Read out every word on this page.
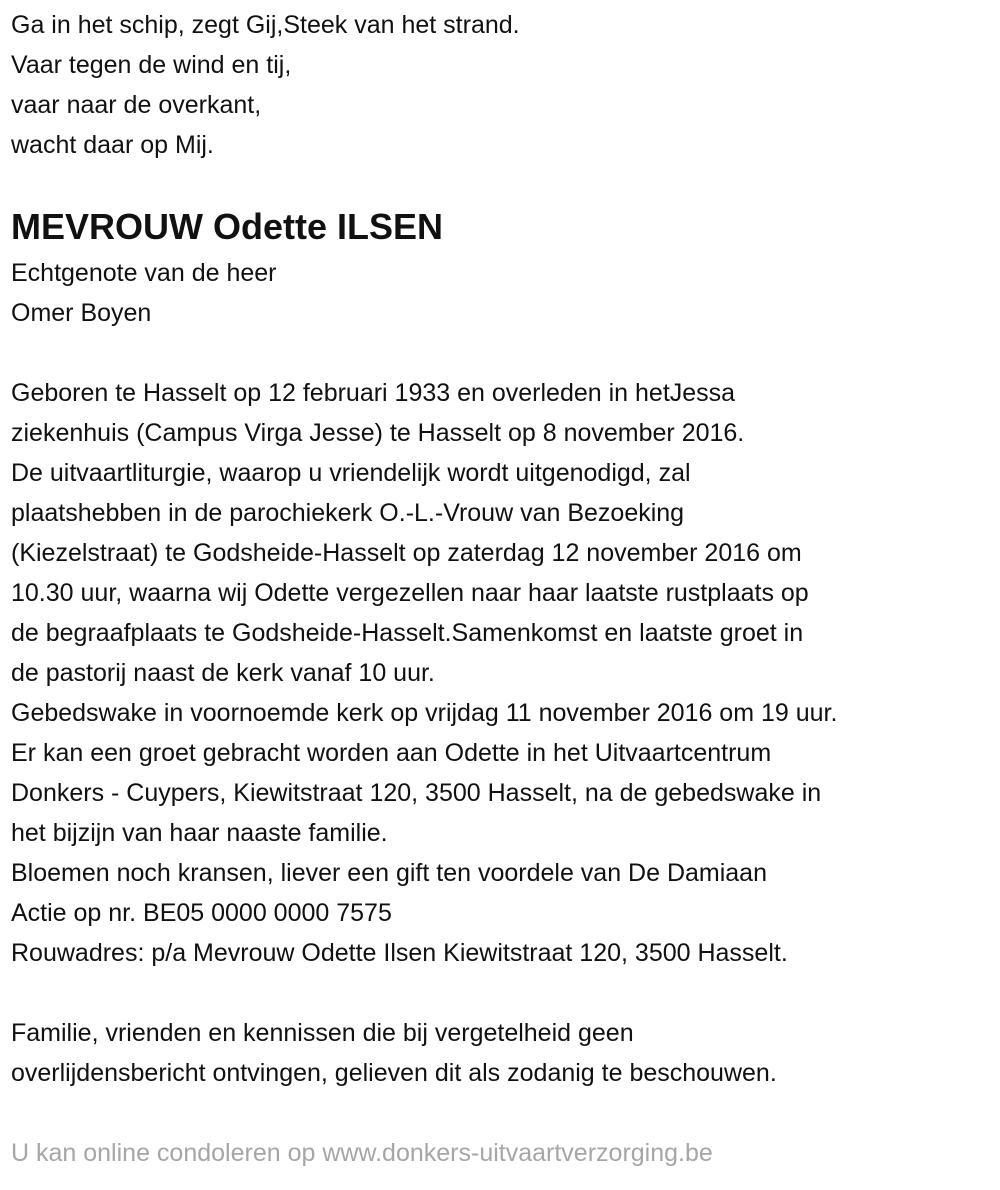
Ga in het schip, zegt Gij,Steek van het strand.
Vaar tegen de wind en tij,
vaar naar de overkant,
wacht daar op Mij.
MEVROUW Odette ILSEN
Echtgenote van de heer
Omer Boyen
Geboren te Hasselt op 12 februari 1933 en overleden in hetJessa
ziekenhuis (Campus Virga Jesse) te Hasselt op 8 november 2016.
De uitvaartliturgie, waarop u vriendelijk wordt uitgenodigd, zal
plaatshebben in de parochiekerk O.-L.-Vrouw van Bezoeking
(Kiezelstraat) te Godsheide-Hasselt op zaterdag 12 november 2016 om
10.30 uur, waarna wij Odette vergezellen naar haar laatste rustplaats op
de begraafplaats te Godsheide-Hasselt.Samenkomst en laatste groet in
de pastorij naast de kerk vanaf 10 uur.
Gebedswake in voornoemde kerk op vrijdag 11 november 2016 om 19 uur.
Er kan een groet gebracht worden aan Odette in het Uitvaartcentrum
Donkers - Cuypers, Kiewitstraat 120, 3500 Hasselt, na de gebedswake in
het bijzijn van haar naaste familie.
Bloemen noch kransen, liever een gift ten voordele van De Damiaan
Actie op nr. BE05 0000 0000 7575
Rouwadres: p/a Mevrouw Odette Ilsen Kiewitstraat 120, 3500 Hasselt.
Familie, vrienden en kennissen die bij vergetelheid geen
overlijdensbericht ontvingen, gelieven dit als zodanig te beschouwen.
U kan online condoleren op www.donkers-uitvaartverzorging.be
